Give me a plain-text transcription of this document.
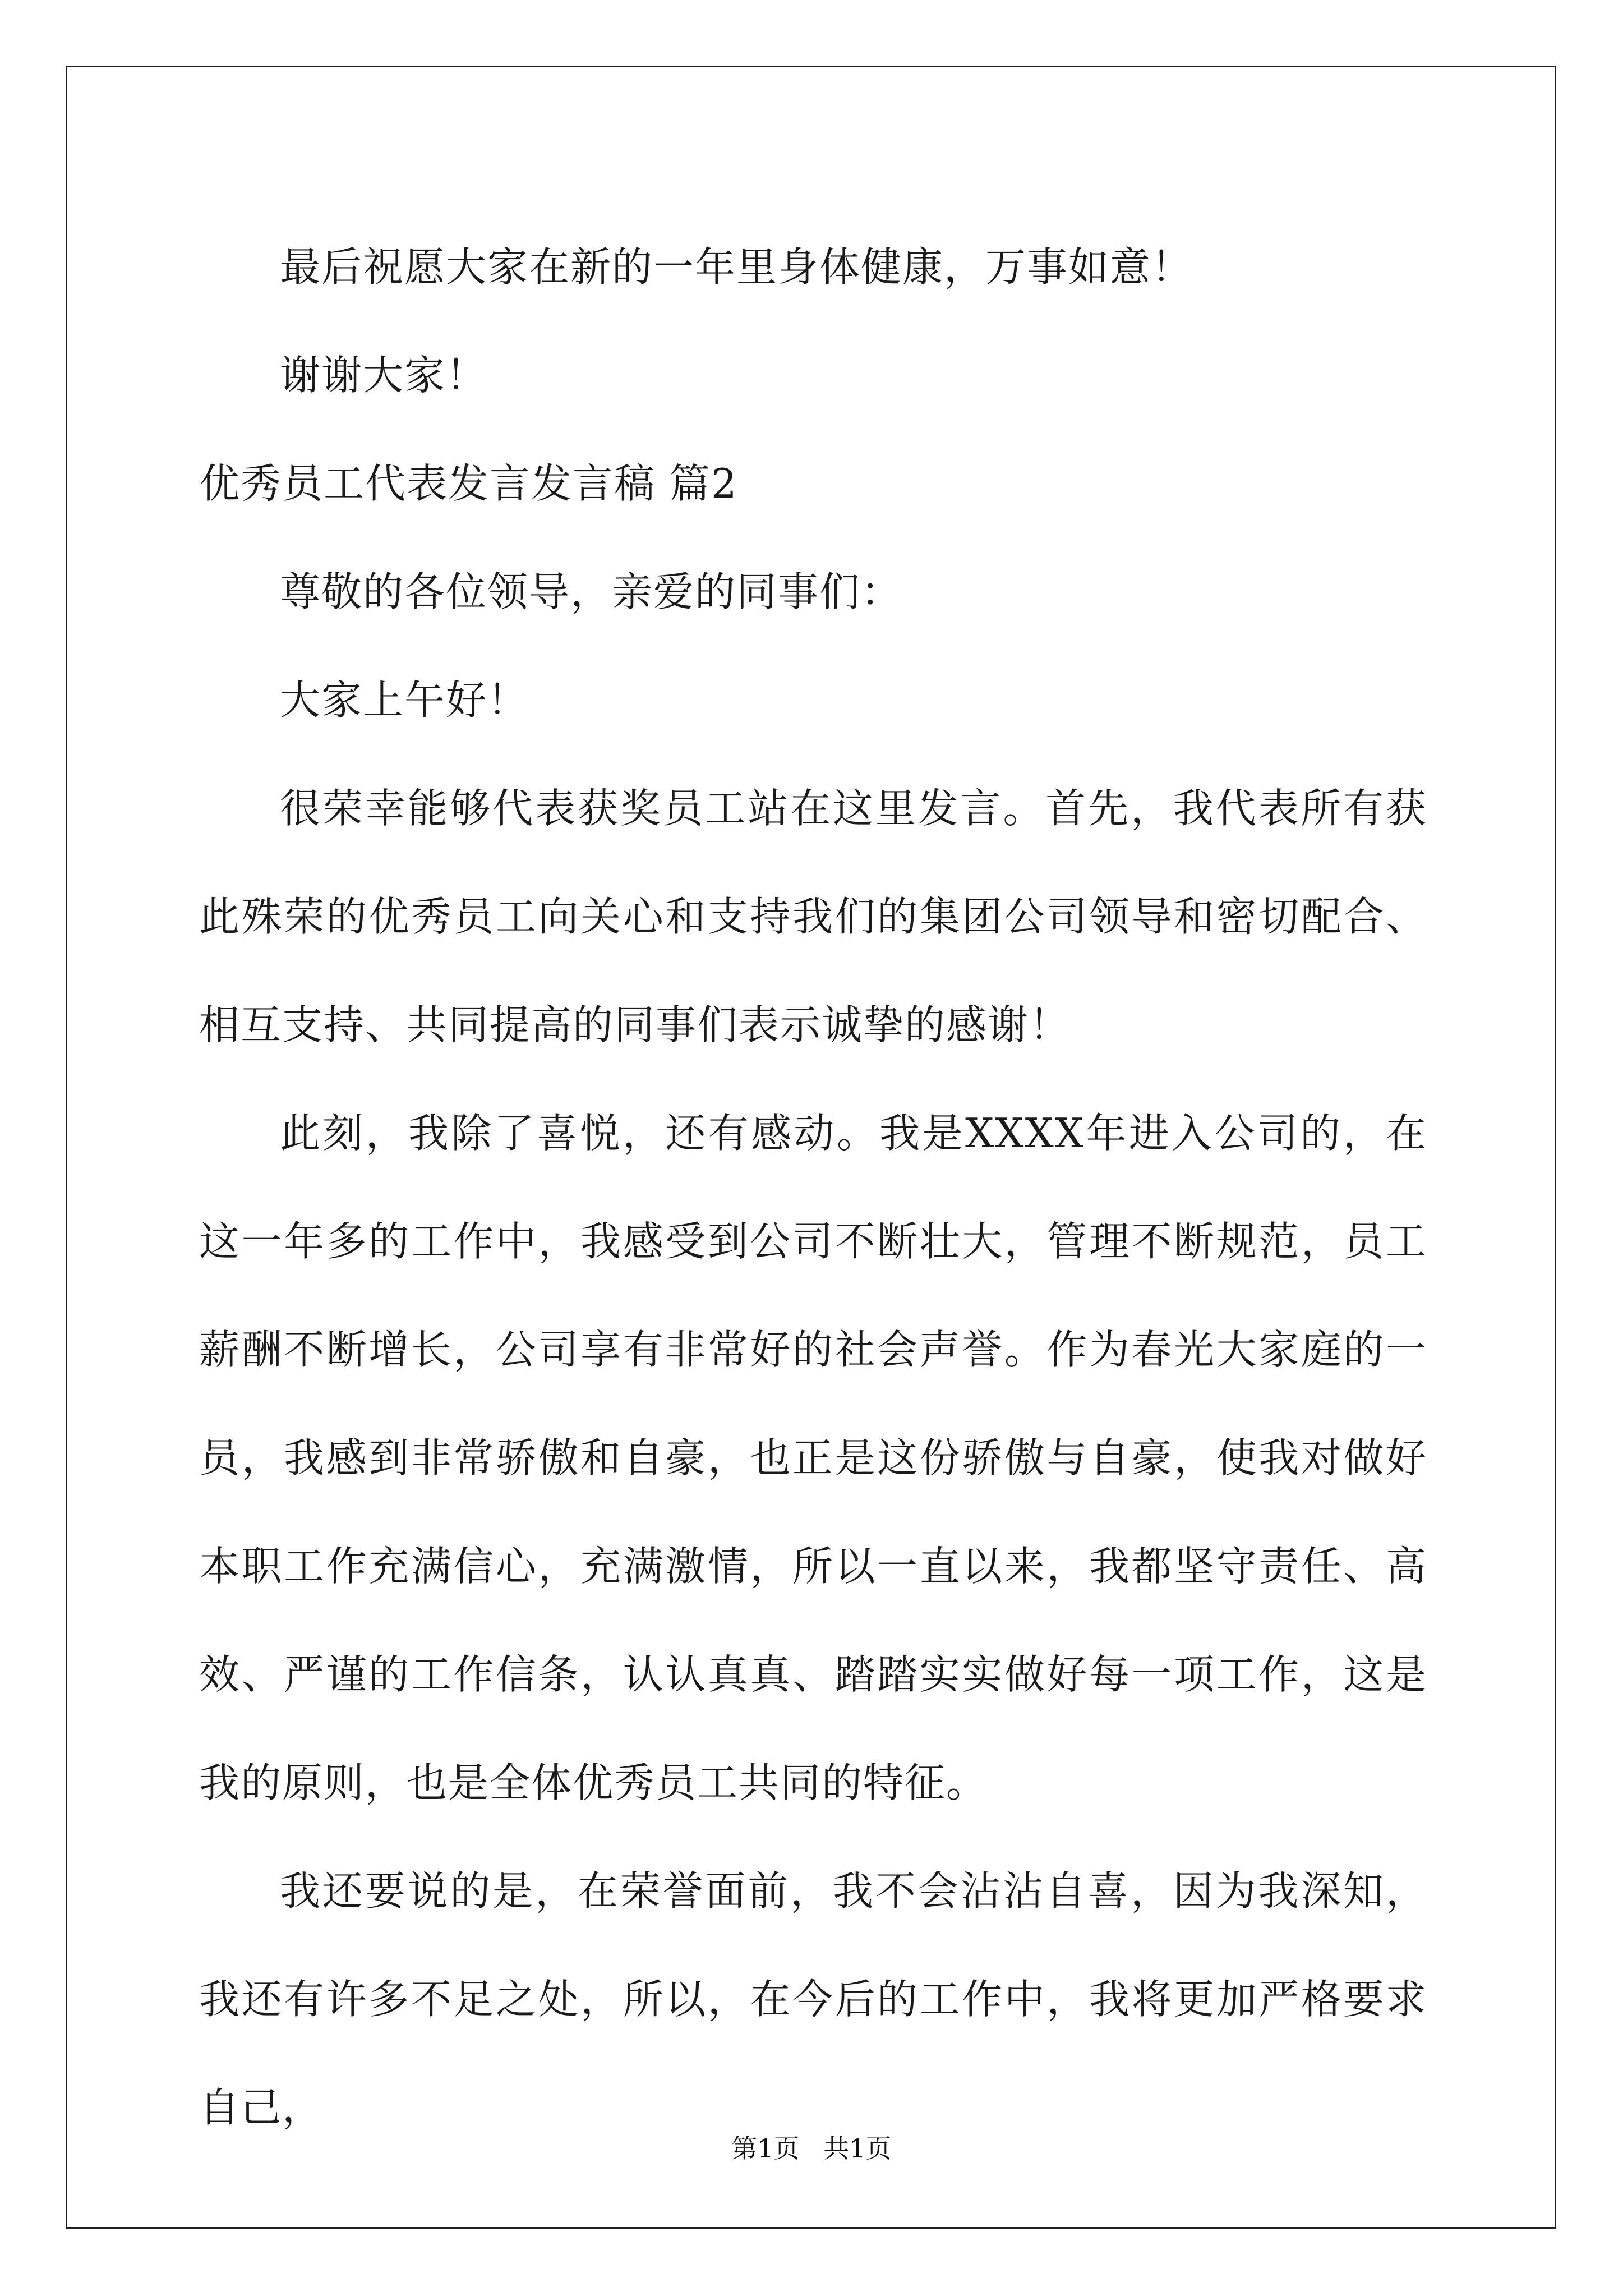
最后祝愿大家在新的一年里身体健康，万事如意！

谢谢大家！

优秀员工代表发言发言稿 篇2

尊敬的各位领导，亲爱的同事们：

大家上午好！

很荣幸能够代表获奖员工站在这里发言。首先，我代表所有获此殊荣的优秀员工向关心和支持我们的集团公司领导和密切配合、相互支持、共同提高的同事们表示诚挚的感谢！

此刻，我除了喜悦，还有感动。我是XXXX年进入公司的，在这一年多的工作中，我感受到公司不断壮大，管理不断规范，员工薪酬不断增长，公司享有非常好的社会声誉。作为春光大家庭的一员，我感到非常骄傲和自豪，也正是这份骄傲与自豪，使我对做好本职工作充满信心，充满激情，所以一直以来，我都坚守责任、高效、严谨的工作信条，认认真真、踏踏实实做好每一项工作，这是我的原则，也是全体优秀员工共同的特征。

我还要说的是，在荣誉面前，我不会沾沾自喜，因为我深知，我还有许多不足之处，所以，在今后的工作中，我将更加严格要求自己，

第1页 共1页
